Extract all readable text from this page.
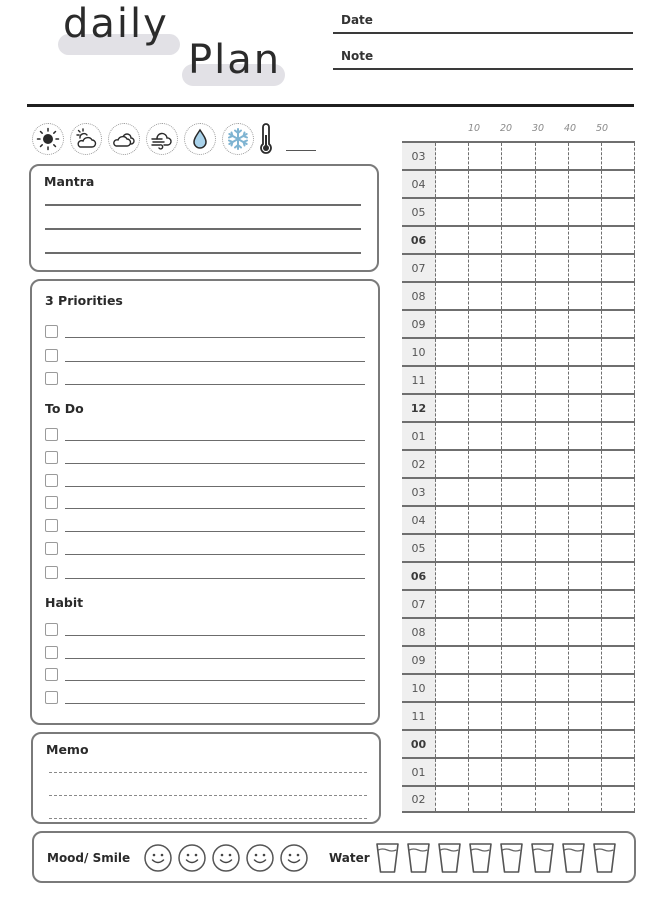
daily
Plan
Date
Note
Mantra
3 Priorities
To Do
Habit
Memo
10 20 30 40 50
03
04
05
06
07
08
09
10
11
12
01
02
03
04
05
06
07
08
09
10
11
00
01
02
Mood/ Smile	Water
